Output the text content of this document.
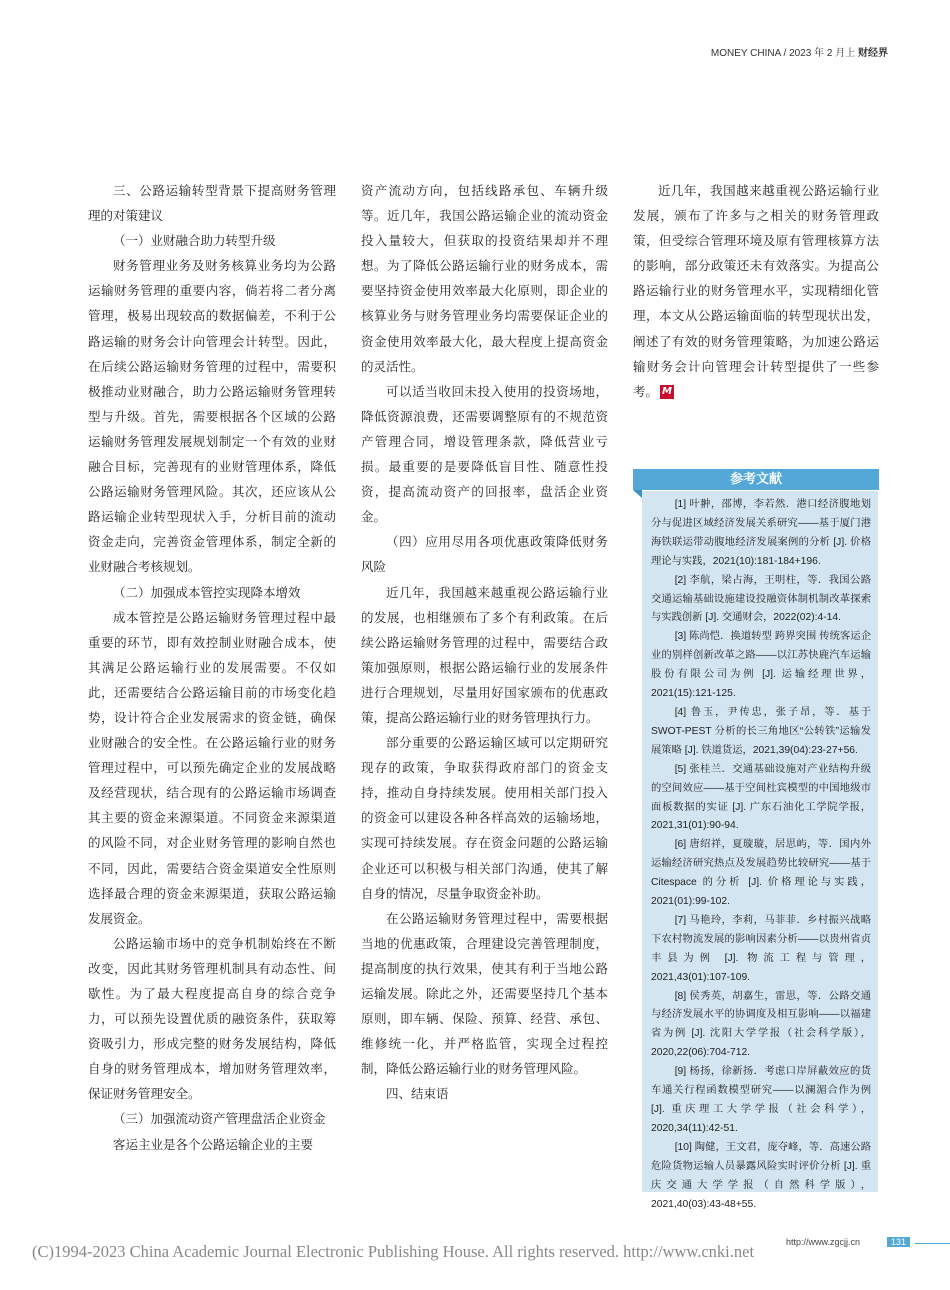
MONEY CHINA / 2023 年 2 月上 财经界

三、公路运输转型背景下提高财务管理理的对策建议

（一）业财融合助力转型升级

财务管理业务及财务核算业务均为公路运输财务管理的重要内容，倘若将二者分离管理，极易出现较高的数据偏差，不利于公路运输的财务会计向管理会计转型。因此，在后续公路运输财务管理的过程中，需要积极推动业财融合，助力公路运输财务管理转型与升级。首先，需要根据各个区域的公路运输财务管理发展规划制定一个有效的业财融合目标，完善现有的业财管理体系，降低公路运输财务管理风险。其次，还应该从公路运输企业转型现状入手，分析目前的流动资金走向，完善资金管理体系，制定全新的业财融合考核规划。

（二）加强成本管控实现降本增效

成本管控是公路运输财务管理过程中最重要的环节，即有效控制业财融合成本，使其满足公路运输行业的发展需要。不仅如此，还需要结合公路运输目前的市场变化趋势，设计符合企业发展需求的资金链，确保业财融合的安全性。在公路运输行业的财务管理过程中，可以预先确定企业的发展战略及经营现状，结合现有的公路运输市场调查其主要的资金来源渠道。不同资金来源渠道的风险不同，对企业财务管理的影响自然也不同，因此，需要结合资金渠道安全性原则选择最合理的资金来源渠道，获取公路运输发展资金。

公路运输市场中的竞争机制始终在不断改变，因此其财务管理机制具有动态性、间歇性。为了最大程度提高自身的综合竞争力，可以预先设置优质的融资条件，获取筹资吸引力，形成完整的财务发展结构，降低自身的财务管理成本，增加财务管理效率，保证财务管理安全。

（三）加强流动资产管理盘活企业资金

客运主业是各个公路运输企业的主要

资产流动方向，包括线路承包、车辆升级等。近几年，我国公路运输企业的流动资金投入量较大，但获取的投资结果却并不理想。为了降低公路运输行业的财务成本，需要坚持资金使用效率最大化原则，即企业的核算业务与财务管理业务均需要保证企业的资金使用效率最大化，最大程度上提高资金的灵活性。

可以适当收回未投入使用的投资场地，降低资源浪费，还需要调整原有的不规范资产管理合同，增设管理条款，降低营业亏损。最重要的是要降低盲目性、随意性投资，提高流动资产的回报率，盘活企业资金。

（四）应用尽用各项优惠政策降低财务风险

近几年，我国越来越重视公路运输行业的发展，也相继颁布了多个有利政策。在后续公路运输财务管理的过程中，需要结合政策加强原则，根据公路运输行业的发展条件进行合理规划，尽量用好国家颁布的优惠政策，提高公路运输行业的财务管理执行力。

部分重要的公路运输区域可以定期研究现存的政策，争取获得政府部门的资金支持，推动自身持续发展。使用相关部门投入的资金可以建设各种各样高效的运输场地，实现可持续发展。存在资金问题的公路运输企业还可以积极与相关部门沟通，使其了解自身的情况，尽量争取资金补助。

在公路运输财务管理过程中，需要根据当地的优惠政策，合理建设完善管理制度，提高制度的执行效果，使其有利于当地公路运输发展。除此之外，还需要坚持几个基本原则，即车辆、保险、预算、经营、承包、维修统一化，并严格监管，实现全过程控制，降低公路运输行业的财务管理风险。

四、结束语

近几年，我国越来越重视公路运输行业发展，颁布了许多与之相关的财务管理政策，但受综合管理环境及原有管理核算方法的影响，部分政策还未有效落实。为提高公路运输行业的财务管理水平，实现精细化管理，本文从公路运输面临的转型现状出发，阐述了有效的财务管理策略，为加速公路运输财务会计向管理会计转型提供了一些参考。 M

参考文献

[1] 叶翀，邵博，李若然．港口经济腹地划分与促进区域经济发展关系研究——基于厦门港海铁联运带动腹地经济发展案例的分析 [J]. 价格理论与实践，2021(10):181-184+196.

[2] 李航，梁占海，王明柱，等．我国公路交通运输基础设施建设投融资体制机制改革探索与实践创新 [J]. 交通财会，2022(02):4-14.

[3] 陈尚恺．换道转型 跨界突围 传统客运企业的别样创新改革之路——以江苏快鹿汽车运输股份有限公司为例 [J]. 运输经理世界，2021(15):121-125.

[4] 鲁玉，尹传忠，张子昂，等．基于 SWOT-PEST 分析的长三角地区“公转铁”运输发展策略 [J]. 铁道货运，2021,39(04):23-27+56.

[5] 张桂兰．交通基础设施对产业结构升级的空间效应——基于空间杜宾模型的中国地级市面板数据的实证 [J]. 广东石油化工学院学报，2021,31(01):90-94.

[6] 唐绍祥，夏璇璇，居思屿，等．国内外运输经济研究热点及发展趋势比较研究——基于 Citespace 的分析 [J]. 价格理论与实践，2021(01):99-102.

[7] 马艳玲，李莉，马菲菲．乡村振兴战略下农村物流发展的影响因素分析——以贵州省贞丰县为例 [J]. 物流工程与管理，2021,43(01):107-109.

[8] 侯秀英，胡嘉生，雷思，等．公路交通与经济发展水平的协调度及相互影响——以福建省为例 [J]. 沈阳大学学报（社会科学版），2020,22(06):704-712.

[9] 杨扬，徐新扬．考虑口岸屏蔽效应的货车通关行程函数模型研究——以澜湄合作为例 [J]. 重庆理工大学学报（社会科学），2020,34(11):42-51.

[10] 陶健，王文君，庞夺峰，等．高速公路危险货物运输人员暴露风险实时评价分析 [J]. 重庆交通大学学报（自然科学版），2021,40(03):43-48+55.

(C)1994-2023 China Academic Journal Electronic Publishing House. All rights reserved. http://www.cnki.net	http://www.zgcjj.cn	131
